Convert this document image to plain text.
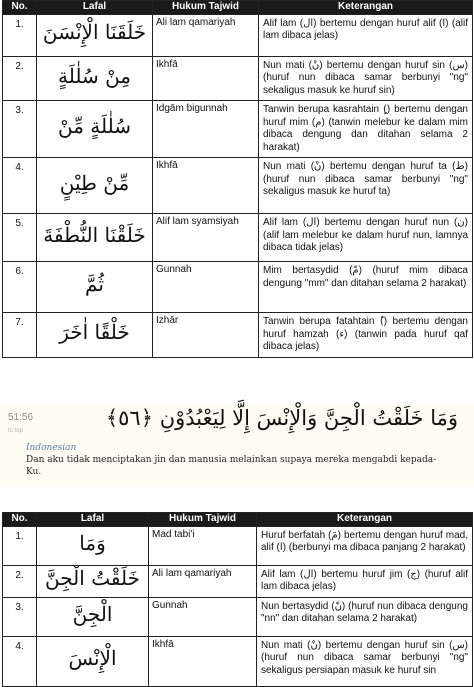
No.	Lafal	Hukum Tajwid	Keterangan
1.	خَلَقَنَا الْإِنْسَنَ	Ali lam qamariyah	Alif lam (ال) bertemu dengan huruf alif (ا) (alif lam dibaca jelas)
2.	مِنْ سُلٰلَةٍ	Ikhfā	Nun mati (نْ) bertemu dengan huruf sin (س) (huruf nun dibaca samar berbunyi "ng" sekaligus masuk ke huruf sin)
3.	سُلٰلَةٍ مِّنْ	Idgām bigunnah	Tanwin berupa kasrahtain (ٍ) bertemu dengan huruf mim (م) (tanwin melebur ke dalam mim dibaca dengung dan ditahan selama 2 harakat)
4.	مِّنْ طِيْنٍ	Ikhfā	Nun mati (نْ) bertemu dengan huruf ta (ط) (huruf nun dibaca samar berbunyi "ng" sekaligus masuk ke huruf ta)
5.	خَلَقْنَا النُّطْفَةَ	Alif lam syamsiyah	Alif lam (ال) bertemu dengan huruf nun (ن) (alif lam melebur ke dalam huruf nun, lamnya dibaca tidak jelas)
6.	ثُمَّ	Gunnah	Mim bertasydid (مّ) (huruf mim dibaca dengung "mm" dan ditahan selama 2 harakat)
7.	خَلْقًا اٰخَرَ	Izhār	Tanwin berupa fatahtain (ً) bertemu dengan huruf hamzah (ء) (tanwin pada huruf qaf dibaca jelas)
51:56
to top
وَمَا خَلَقْتُ الْجِنَّ وَالْإِنْسَ إِلَّا لِيَعْبُدُوْنِ ﴿٥٦﴾
Indonesian
Dan aku tidak menciptakan jin dan manusia melainkan supaya mereka mengabdi kepada-Ku.
No.	Lafal	Hukum Tajwid	Keterangan
1.	وَمَا	Mad tabi'i	Huruf berfatah (مَ) bertemu dengan huruf mad, alif (ا) (berbunyi ma dibaca panjang 2 harakat)
2.	خَلَقْتُ الْجِنَّ	Ali lam qamariyah	Alif lam (ال) bertemu huruf jim (ج) (huruf alif lam dibaca jelas)
3.	الْجِنَّ	Gunnah	Nun bertasydid (نّ) (huruf nun dibaca dengung "nn" dan ditahan selama 2 harakat)
4.	الْإِنْسَ	Ikhfā	Nun mati (نْ) bertemu dengan huruf sin (س) (huruf nun dibaca samar berbunyi "ng" sekaligus persiapan masuk ke huruf sin
